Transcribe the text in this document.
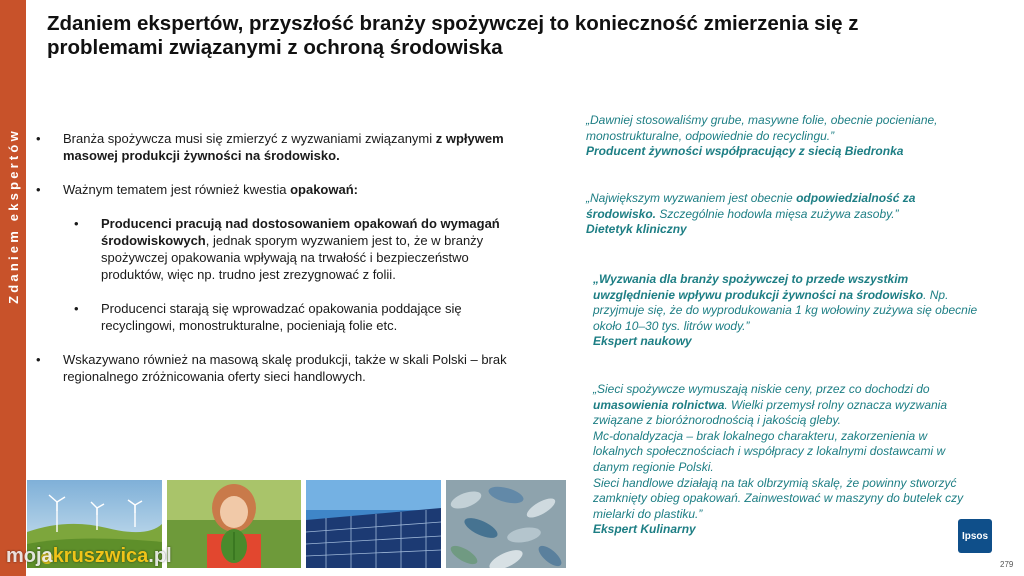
Zdaniem ekspertów
Zdaniem ekspertów, przyszłość branży spożywczej to konieczność zmierzenia się z problemami związanymi z ochroną środowiska
• Branża spożywcza musi się zmierzyć z wyzwaniami związanymi z wpływem masowej produkcji żywności na środowisko.
• Ważnym tematem jest również kwestia opakowań:
• Producenci pracują nad dostosowaniem opakowań do wymagań środowiskowych, jednak sporym wyzwaniem jest to, że w branży spożywczej opakowania wpływają na trwałość i bezpieczeństwo produktów, więc np. trudno jest zrezygnować z folii.
• Producenci starają się wprowadzać opakowania poddające się recyclingowi, monostrukturalne, pocieniają folie etc.
• Wskazywano również na masową skalę produkcji, także w skali Polski – brak regionalnego zróżnicowania oferty sieci handlowych.
„Dawniej stosowaliśmy grube, masywne folie, obecnie pocieniane, monostrukturalne, odpowiednie do recyclingu.”
Producent żywności współpracujący z siecią Biedronka
„Największym wyzwaniem jest obecnie odpowiedzialność za środowisko. Szczególnie hodowla mięsa zużywa zasoby.”
Dietetyk kliniczny
„Wyzwania dla branży spożywczej to przede wszystkim uwzględnienie wpływu produkcji żywności na środowisko. Np. przyjmuje się, że do wyprodukowania 1 kg wołowiny zużywa się obecnie około 10–30 tys. litrów wody.”
Ekspert naukowy
„Sieci spożywcze wymuszają niskie ceny, przez co dochodzi do umasowienia rolnictwa. Wielki przemysł rolny oznacza wyzwania związane z bioróżnorodnością i jakością gleby.
Mc-donaldyzacja – brak lokalnego charakteru, zakorzenienia w lokalnych społecznościach i współpracy z lokalnymi dostawcami w danym regionie Polski.
Sieci handlowe działają na tak olbrzymią skalę, że powinny stworzyć zamknięty obieg opakowań. Zainwestować w maszyny do butelek czy mielarki do plastiku.”
Ekspert Kulinarny
mojakruszwica.pl
Ipsos
279
